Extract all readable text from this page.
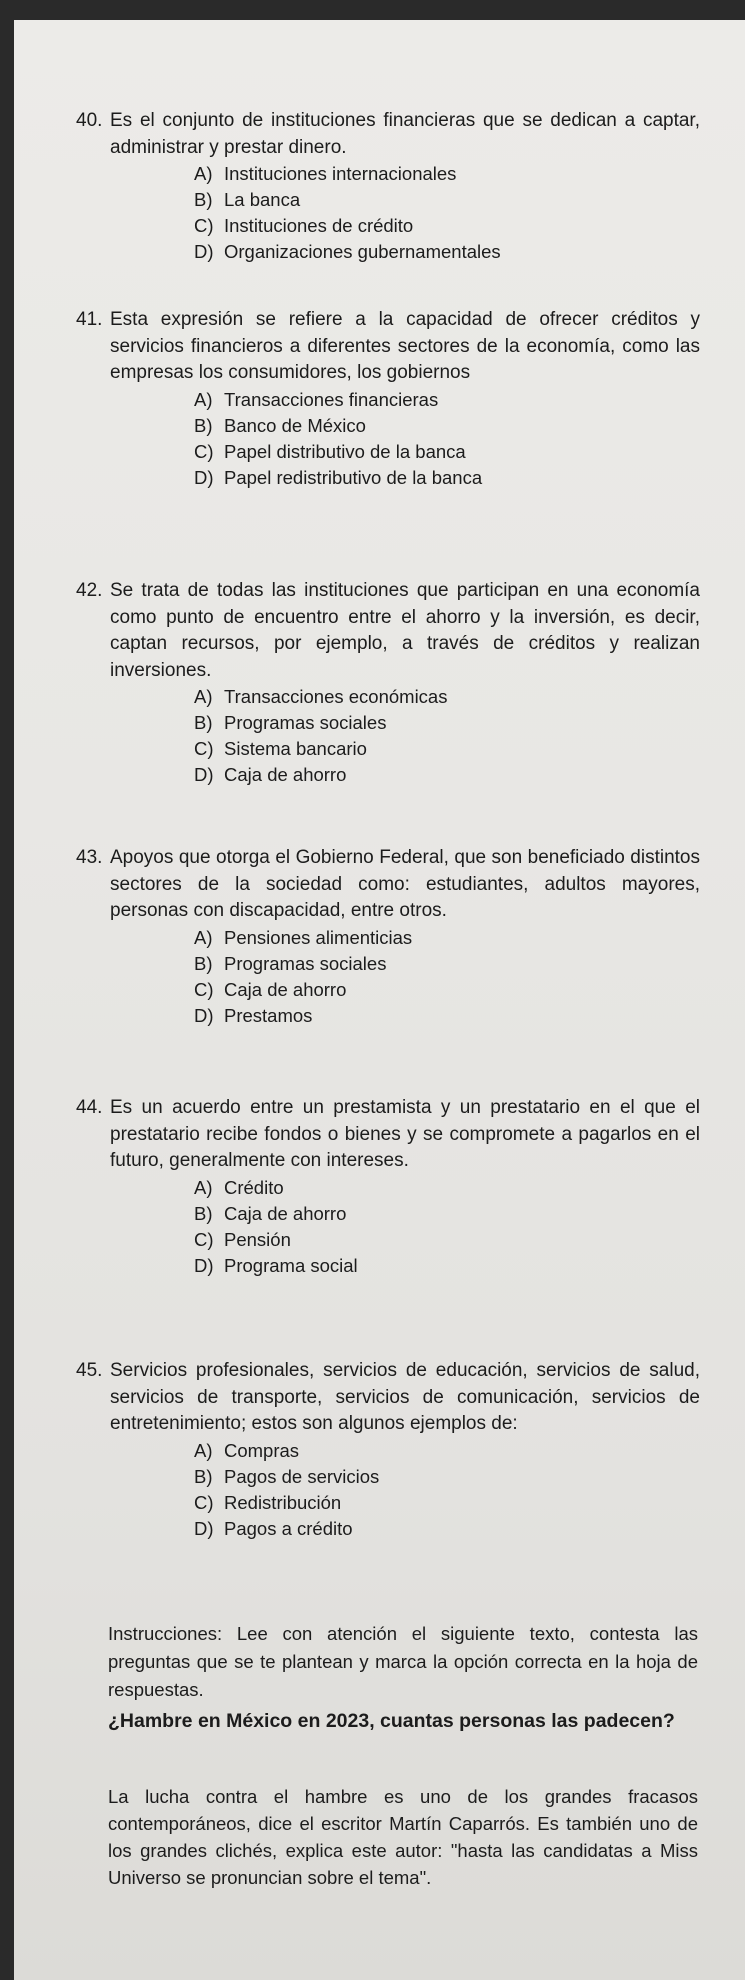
40. Es el conjunto de instituciones financieras que se dedican a captar, administrar y prestar dinero.

A) Instituciones internacionales
B) La banca
C) Instituciones de crédito
D) Organizaciones gubernamentales

41. Esta expresión se refiere a la capacidad de ofrecer créditos y servicios financieros a diferentes sectores de la economía, como las empresas los consumidores, los gobiernos

A) Transacciones financieras
B) Banco de México
C) Papel distributivo de la banca
D) Papel redistributivo de la banca

42. Se trata de todas las instituciones que participan en una economía como punto de encuentro entre el ahorro y la inversión, es decir, captan recursos, por ejemplo, a través de créditos y realizan inversiones.

A) Transacciones económicas
B) Programas sociales
C) Sistema bancario
D) Caja de ahorro

43. Apoyos que otorga el Gobierno Federal, que son beneficiado distintos sectores de la sociedad como: estudiantes, adultos mayores, personas con discapacidad, entre otros.

A) Pensiones alimenticias
B) Programas sociales
C) Caja de ahorro
D) Prestamos

44. Es un acuerdo entre un prestamista y un prestatario en el que el prestatario recibe fondos o bienes y se compromete a pagarlos en el futuro, generalmente con intereses.

A) Crédito
B) Caja de ahorro
C) Pensión
D) Programa social

45. Servicios profesionales, servicios de educación, servicios de salud, servicios de transporte, servicios de comunicación, servicios de entretenimiento; estos son algunos ejemplos de:

A) Compras
B) Pagos de servicios
C) Redistribución
D) Pagos a crédito

Instrucciones: Lee con atención el siguiente texto, contesta las preguntas que se te plantean y marca la opción correcta en la hoja de respuestas.

¿Hambre en México en 2023, cuantas personas las padecen?

La lucha contra el hambre es uno de los grandes fracasos contemporáneos, dice el escritor Martín Caparrós. Es también uno de los grandes clichés, explica este autor: "hasta las candidatas a Miss Universo se pronuncian sobre el tema".
